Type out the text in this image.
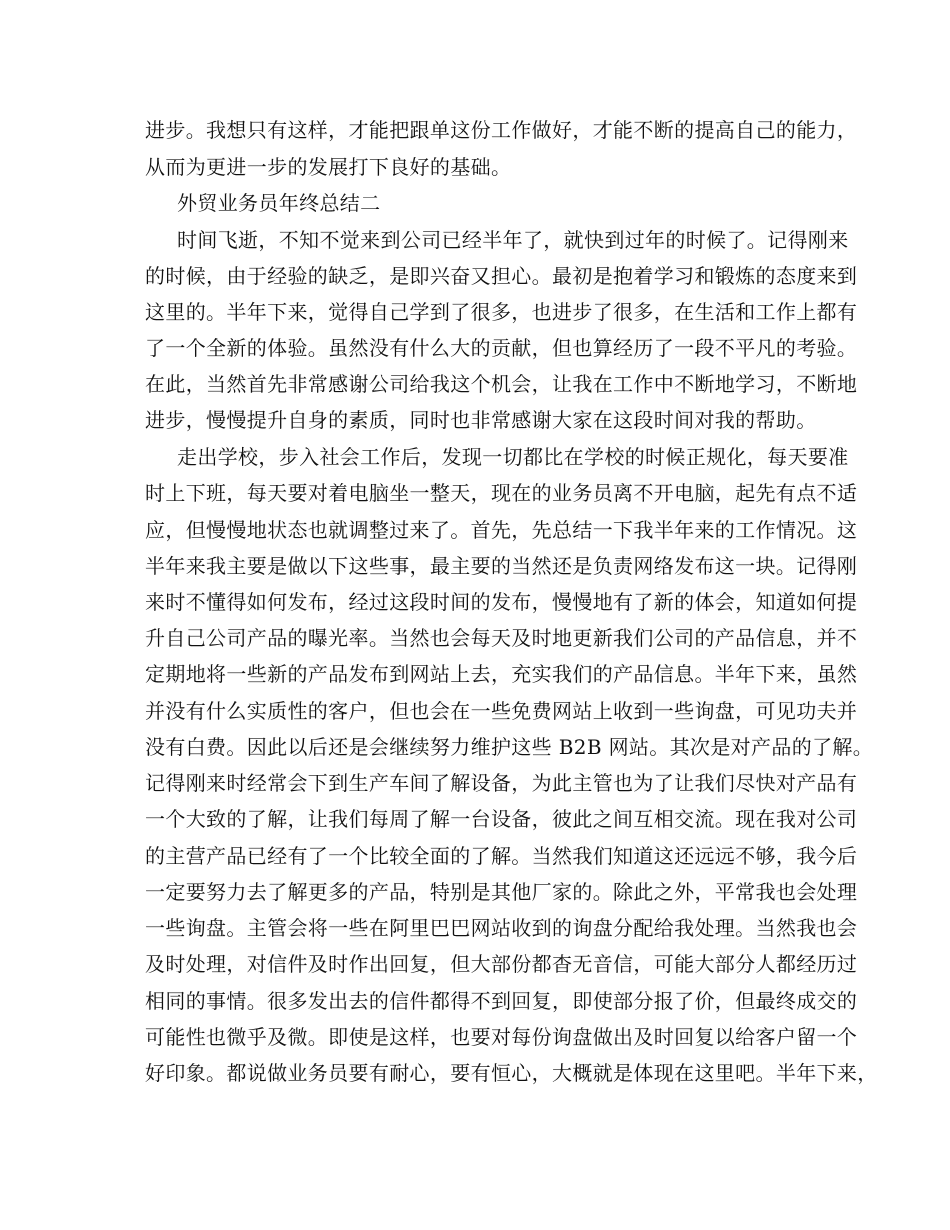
进步。我想只有这样，才能把跟单这份工作做好，才能不断的提高自己的能力，
从而为更进一步的发展打下良好的基础。
外贸业务员年终总结二
时间飞逝，不知不觉来到公司已经半年了，就快到过年的时候了。记得刚来
的时候，由于经验的缺乏，是即兴奋又担心。最初是抱着学习和锻炼的态度来到
这里的。半年下来，觉得自己学到了很多，也进步了很多，在生活和工作上都有
了一个全新的体验。虽然没有什么大的贡献，但也算经历了一段不平凡的考验。
在此，当然首先非常感谢公司给我这个机会，让我在工作中不断地学习，不断地
进步，慢慢提升自身的素质，同时也非常感谢大家在这段时间对我的帮助。
走出学校，步入社会工作后，发现一切都比在学校的时候正规化，每天要准
时上下班，每天要对着电脑坐一整天，现在的业务员离不开电脑，起先有点不适
应，但慢慢地状态也就调整过来了。首先，先总结一下我半年来的工作情况。这
半年来我主要是做以下这些事，最主要的当然还是负责网络发布这一块。记得刚
来时不懂得如何发布，经过这段时间的发布，慢慢地有了新的体会，知道如何提
升自己公司产品的曝光率。当然也会每天及时地更新我们公司的产品信息，并不
定期地将一些新的产品发布到网站上去，充实我们的产品信息。半年下来，虽然
并没有什么实质性的客户，但也会在一些免费网站上收到一些询盘，可见功夫并
没有白费。因此以后还是会继续努力维护这些 B2B 网站。其次是对产品的了解。
记得刚来时经常会下到生产车间了解设备，为此主管也为了让我们尽快对产品有
一个大致的了解，让我们每周了解一台设备，彼此之间互相交流。现在我对公司
的主营产品已经有了一个比较全面的了解。当然我们知道这还远远不够，我今后
一定要努力去了解更多的产品，特别是其他厂家的。除此之外，平常我也会处理
一些询盘。主管会将一些在阿里巴巴网站收到的询盘分配给我处理。当然我也会
及时处理，对信件及时作出回复，但大部份都杳无音信，可能大部分人都经历过
相同的事情。很多发出去的信件都得不到回复，即使部分报了价，但最终成交的
可能性也微乎及微。即使是这样，也要对每份询盘做出及时回复以给客户留一个
好印象。都说做业务员要有耐心，要有恒心，大概就是体现在这里吧。半年下来，
